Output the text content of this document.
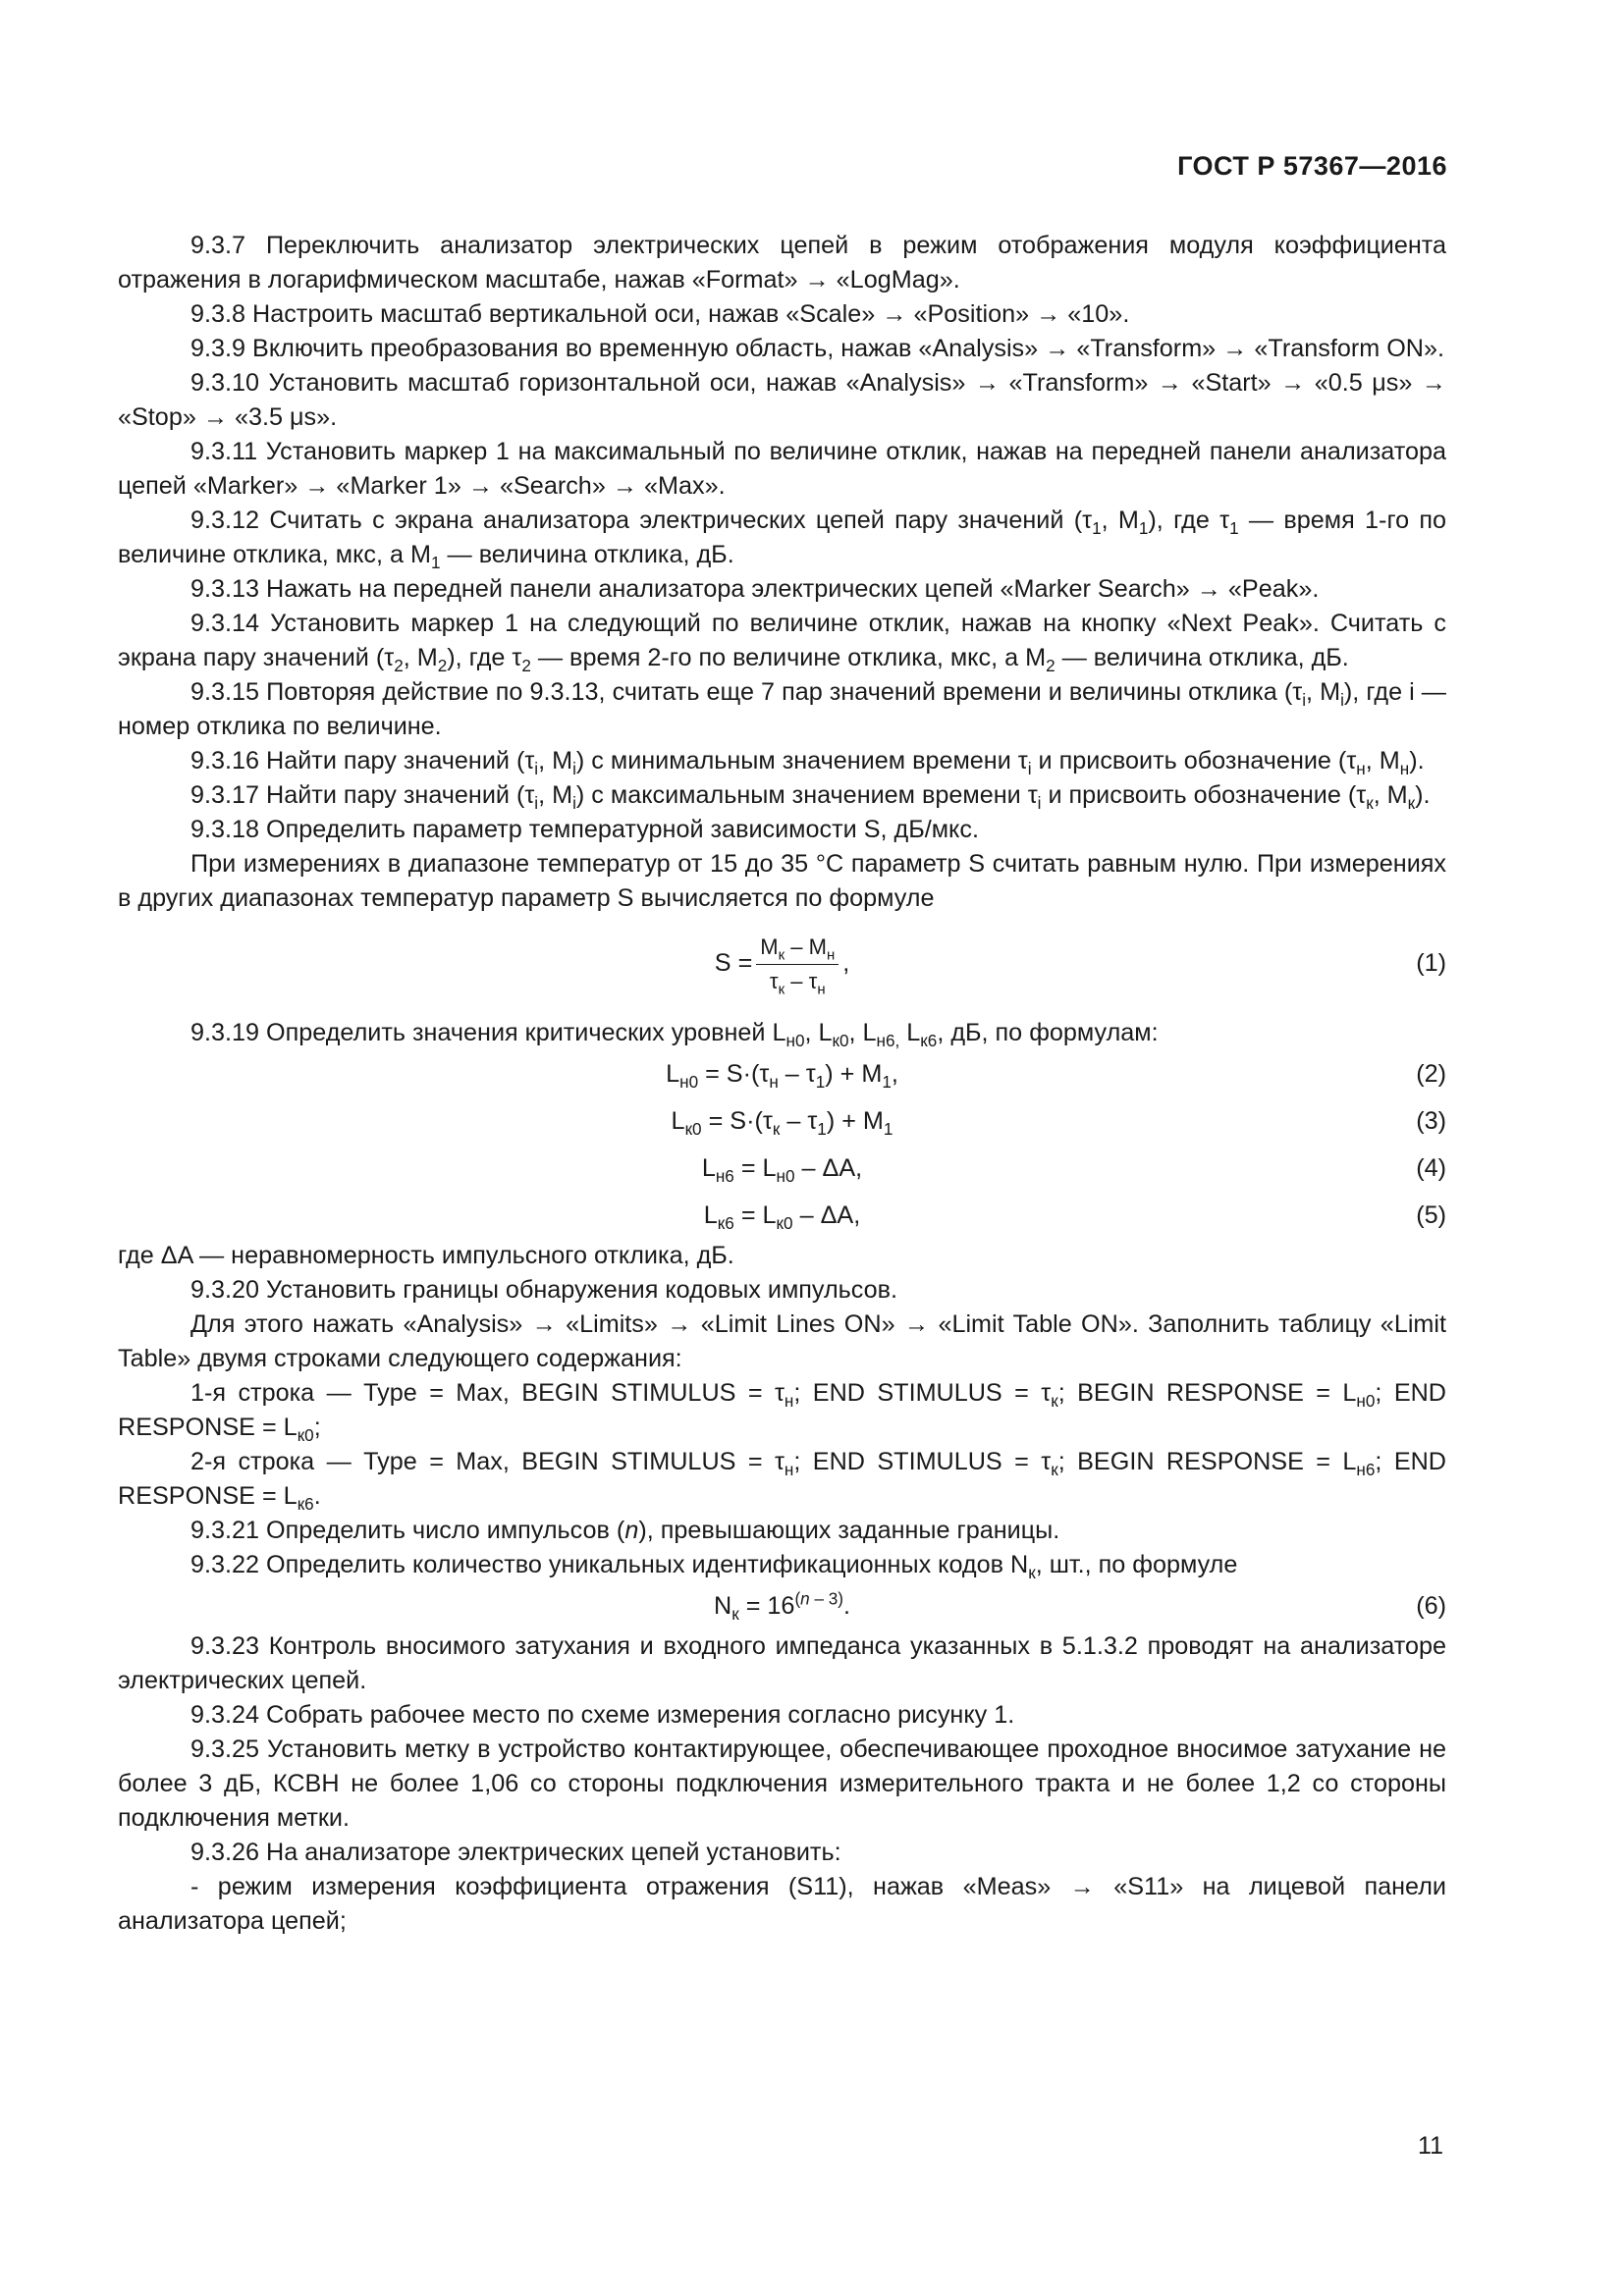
ГОСТ Р 57367—2016
9.3.7 Переключить анализатор электрических цепей в режим отображения модуля коэффициента отражения в логарифмическом масштабе, нажав «Format» → «LogMag».
9.3.8 Настроить масштаб вертикальной оси, нажав «Scale» → «Position» → «10».
9.3.9 Включить преобразования во временную область, нажав «Analysis» → «Transform» → «Transform ON».
9.3.10 Установить масштаб горизонтальной оси, нажав «Analysis» → «Transform» → «Start» → «0.5 μs» → «Stop» → «3.5 μs».
9.3.11 Установить маркер 1 на максимальный по величине отклик, нажав на передней панели анализатора цепей «Marker» → «Marker 1» → «Search» → «Max».
9.3.12 Считать с экрана анализатора электрических цепей пару значений ($\tau_1$, $M_1$), где $\tau_1$ — время 1-го по величине отклика, мкс, а $M_1$ — величина отклика, дБ.
9.3.13 Нажать на передней панели анализатора электрических цепей «Marker Search» → «Peak».
9.3.14 Установить маркер 1 на следующий по величине отклик, нажав на кнопку «Next Peak». Считать с экрана пару значений ($\tau_2$, $M_2$), где $\tau_2$ — время 2-го по величине отклика, мкс, а $M_2$ — величина отклика, дБ.
9.3.15 Повторяя действие по 9.3.13, считать еще 7 пар значений времени и величины отклика ($\tau_i$, $M_i$), где i — номер отклика по величине.
9.3.16 Найти пару значений ($\tau_i$, $M_i$) с минимальным значением времени $\tau_i$ и присвоить обозначение ($\tau_н$, $M_н$).
9.3.17 Найти пару значений ($\tau_i$, $M_i$) с максимальным значением времени $\tau_i$ и присвоить обозначение ($\tau_к$, $M_к$).
9.3.18 Определить параметр температурной зависимости S, дБ/мкс.
При измерениях в диапазоне температур от 15 до 35 °С параметр S считать равным нулю. При измерениях в других диапазонах температур параметр S вычисляется по формуле
$S = \frac{M_к - M_н}{\tau_к - \tau_н}$ ,	(1)
9.3.19 Определить значения критических уровней $L_{н0}$, $L_{к0}$, $L_{н6,}$ $L_{к6}$, дБ, по формулам:
$L_{н0} = S\cdot(\tau_н - \tau_1) + M_1$,	(2)
$L_{к0} = S\cdot(\tau_к - \tau_1) + M_1$	(3)
$L_{н6} = L_{н0} - \Delta A$,	(4)
$L_{к6} = L_{к0} - \Delta A$,	(5)
где ΔA — неравномерность импульсного отклика, дБ.
9.3.20 Установить границы обнаружения кодовых импульсов.
Для этого нажать «Analysis» → «Limits» → «Limit Lines ON» → «Limit Table ON». Заполнить таблицу «Limit Table» двумя строками следующего содержания:
1-я строка — Type = Max, BEGIN STIMULUS = $\tau_н$; END STIMULUS = $\tau_к$; BEGIN RESPONSE = $L_{н0}$; END RESPONSE = $L_{к0}$;
2-я строка — Type = Max, BEGIN STIMULUS = $\tau_н$; END STIMULUS = $\tau_к$; BEGIN RESPONSE = $L_{н6}$; END RESPONSE = $L_{к6}$.
9.3.21 Определить число импульсов (n), превышающих заданные границы.
9.3.22 Определить количество уникальных идентификационных кодов $N_к$, шт., по формуле
$N_к = 16^{(n - 3)}$.	(6)
9.3.23 Контроль вносимого затухания и входного импеданса указанных в 5.1.3.2 проводят на анализаторе электрических цепей.
9.3.24 Собрать рабочее место по схеме измерения согласно рисунку 1.
9.3.25 Установить метку в устройство контактирующее, обеспечивающее проходное вносимое затухание не более 3 дБ, КСВН не более 1,06 со стороны подключения измерительного тракта и не более 1,2 со стороны подключения метки.
9.3.26 На анализаторе электрических цепей установить:
- режим измерения коэффициента отражения (S11), нажав «Meas» → «S11» на лицевой панели анализатора цепей;
11
